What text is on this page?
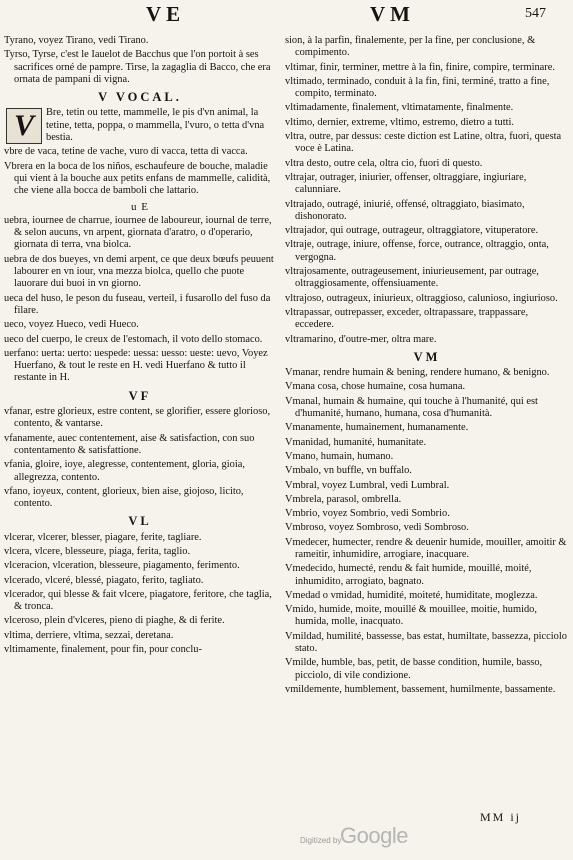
VE	VM	547

Tyrano, voyez Tirano, vedi Tirano.

Tyrso, Tyrse, c'est le Iauelot de Bacchus que l'on portoit à ses sacrifices orné de pampre. Tirse, la zagaglia di Bacco, che era ornata de pampani di vigna.

V VOCAL.
V	Bre, tetin ou tette, mammelle, le pis d'vn animal, la tetine, tetta, poppa, o mammella, l'vuro, o tetta d'vna bestia.

vbre de vaca, tetine de vache, vuro di vacca, tetta di vacca.

Vbrera en la boca de los niños, eschaufeure de bouche, maladie qui vient à la bouche aux petits enfans de mammelle, calidità, che viene alla bocca de bamboli che lattario.

u E

uebra, iournee de charrue, iournee de laboureur, iournal de terre, & selon aucuns, vn arpent, giornata d'aratro, o d'operario, giornata di terra, vna biolca.

uebra de dos bueyes, vn demi arpent, ce que deux bœufs peuuent labourer en vn iour, vna mezza biolca, quello che puote lauorare dui buoi in vn giorno.

ueca del huso, le peson du fuseau, verteil, i fusarollo del fuso da filare.

ueco, voyez Hueco, vedi Hueco.

ueco del cuerpo, le creux de l'estomach, il voto dello stomaco.

uerfano: uerta: uerto: uespede: uessa: uesso: ueste: uevo, Voyez Huerfano, & tout le reste en H. vedi Huerfano & tutto il restante in H.

VF

vfanar, estre glorieux, estre content, se glorifier, essere glorioso, contento, & vantarse.

vfanamente, auec contentement, aise & satisfaction, con suo contentamento & satisfattione.

vfania, gloire, ioye, alegresse, contentement, gloria, gioia, allegrezza, contento.

vfano, ioyeux, content, glorieux, bien aise, giojoso, licito, contento.

VL

vlcerar, vlcerer, blesser, piagare, ferite, tagliare.

vlcera, vlcere, blesseure, piaga, ferita, taglio.

vlceracion, vlceration, blesseure, piagamento, ferimento.

vlcerado, vlceré, blessé, piagato, ferito, tagliato.

vlcerador, qui blesse & fait vlcere, piagatore, feritore, che taglia, & tronca.

vlceroso, plein d'vlceres, pieno di piaghe, & di ferite.

vltima, derriere, vltima, sezzai, deretana.

vltimamente, finalement, pour fin, pour conclu-

sion, à la parfin, finalemente, per la fine, per conclusione, & compimento.

vltimar, finir, terminer, mettre à la fin, finire, compire, terminare.

vltimado, terminado, conduit à la fin, fini, terminé, tratto a fine, compito, terminato.

vltimadamente, finalement, vltimatamente, finalmente.

vltimo, dernier, extreme, vltimo, estremo, dietro a tutti.

vltra, outre, par dessus: ceste diction est Latine, oltra, fuori, questa voce è Latina.

vltra desto, outre cela, oltra cio, fuori di questo.

vltrajar, outrager, iniurier, offenser, oltraggiare, ingiuriare, calunniare.

vltrajado, outragé, iniurié, offensé, oltraggiato, biasimato, dishonorato.

vltrajador, qui outrage, outrageur, oltraggiatore, vituperatore.

vltraje, outrage, iniure, offense, force, outrance, oltraggio, onta, vergogna.

vltrajosamente, outrageusement, iniurieusement, par outrage, oltraggiosamente, offensiuamente.

vltrajoso, outrageux, iniurieux, oltraggioso, calunioso, ingiurioso.

vltrapassar, outrepasser, exceder, oltrapassare, trappassare, eccedere.

vltramarino, d'outre-mer, oltra mare.

VM

Vmanar, rendre humain & bening, rendere humano, & benigno.

Vmana cosa, chose humaine, cosa humana.

Vmanal, humain & humaine, qui touche à l'humanité, qui est d'humanité, humano, humana, cosa d'humanità.

Vmanamente, humainement, humanamente.

Vmanidad, humanité, humanitate.

Vmano, humain, humano.

Vmbalo, vn buffle, vn buffalo.

Vmbral, voyez Lumbral, vedi Lumbral.

Vmbrela, parasol, ombrella.

Vmbrio, voyez Sombrio, vedi Sombrio.

Vmbroso, voyez Sombroso, vedi Sombroso.

Vmedecer, humecter, rendre & deuenir humide, mouiller, amoitir & rameitir, inhumidire, arrogiare, inacquare.

Vmedecido, humecté, rendu & fait humide, mouillé, moité, inhumidito, arrogiato, bagnato.

Vmedad o vmidad, humidité, moiteté, humiditate, moglezza.

Vmido, humide, moite, mouillé & mouillee, moitie, humido, humida, molle, inacquato.

Vmildad, humilité, bassesse, bas estat, humiltate, bassezza, picciolo stato.

Vmilde, humble, bas, petit, de basse condition, humile, basso, picciolo, di vile condizione.

vmildemente, humblement, bassement, humilmente, bassamente.

MM ij
Digitized by
Google
